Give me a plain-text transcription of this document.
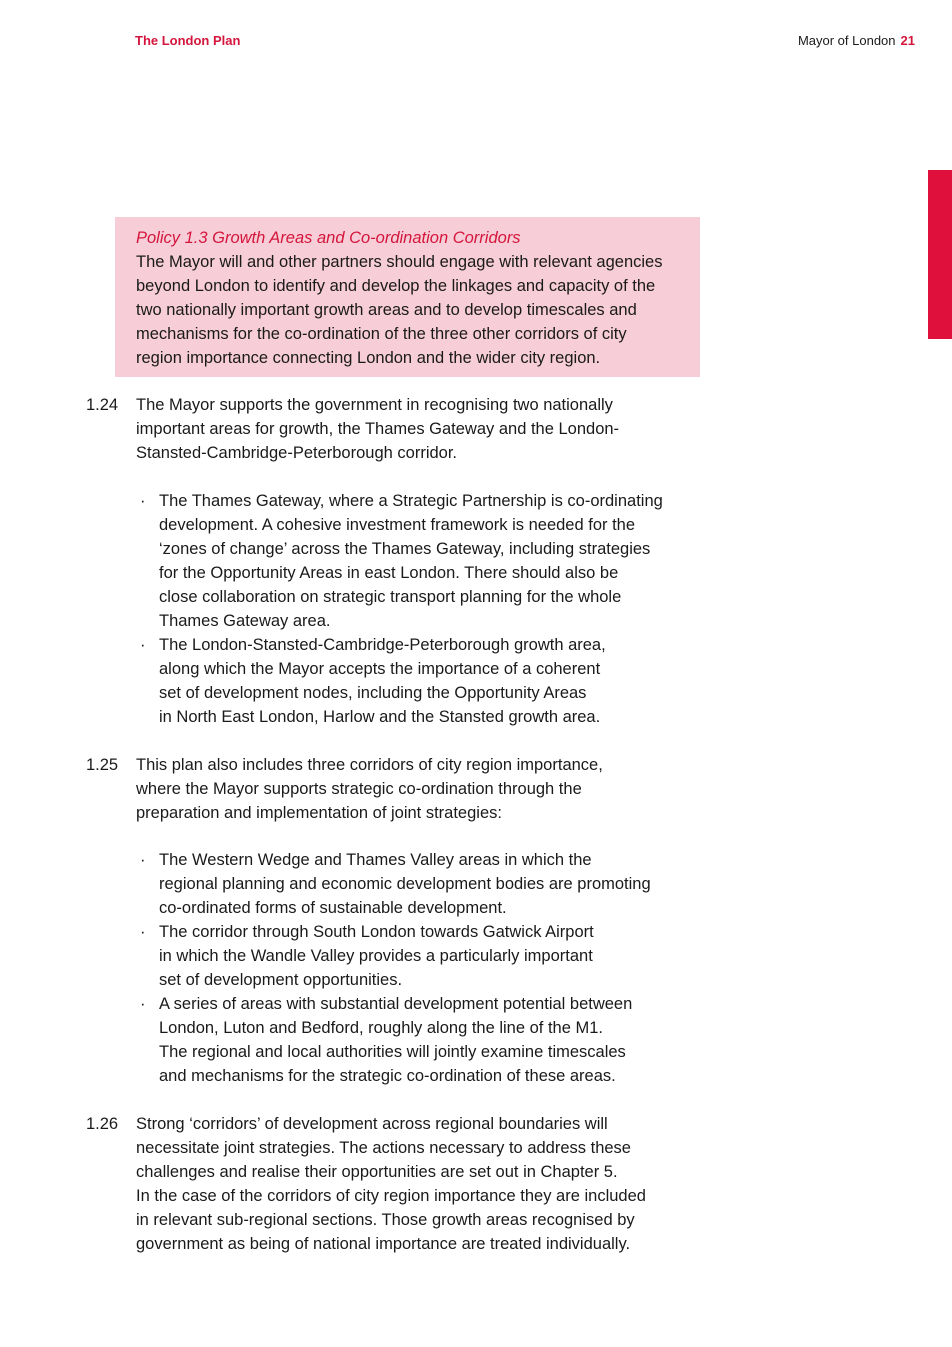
The London Plan	Mayor of London 21
Policy 1.3 Growth Areas and Co-ordination Corridors
The Mayor will and other partners should engage with relevant agencies
beyond London to identify and develop the linkages and capacity of the
two nationally important growth areas and to develop timescales and
mechanisms for the co-ordination of the three other corridors of city
region importance connecting London and the wider city region.
1.24 The Mayor supports the government in recognising two nationally
important areas for growth, the Thames Gateway and the London-
Stansted-Cambridge-Peterborough corridor.
· The Thames Gateway, where a Strategic Partnership is co-ordinating
development. A cohesive investment framework is needed for the
‘zones of change’ across the Thames Gateway, including strategies
for the Opportunity Areas in east London. There should also be
close collaboration on strategic transport planning for the whole
Thames Gateway area.
· The London-Stansted-Cambridge-Peterborough growth area,
along which the Mayor accepts the importance of a coherent
set of development nodes, including the Opportunity Areas
in North East London, Harlow and the Stansted growth area.
1.25 This plan also includes three corridors of city region importance,
where the Mayor supports strategic co-ordination through the
preparation and implementation of joint strategies:
· The Western Wedge and Thames Valley areas in which the
regional planning and economic development bodies are promoting
co-ordinated forms of sustainable development.
· The corridor through South London towards Gatwick Airport
in which the Wandle Valley provides a particularly important
set of development opportunities.
· A series of areas with substantial development potential between
London, Luton and Bedford, roughly along the line of the M1.
The regional and local authorities will jointly examine timescales
and mechanisms for the strategic co-ordination of these areas.
1.26 Strong ‘corridors’ of development across regional boundaries will
necessitate joint strategies. The actions necessary to address these
challenges and realise their opportunities are set out in Chapter 5.
In the case of the corridors of city region importance they are included
in relevant sub-regional sections. Those growth areas recognised by
government as being of national importance are treated individually.
